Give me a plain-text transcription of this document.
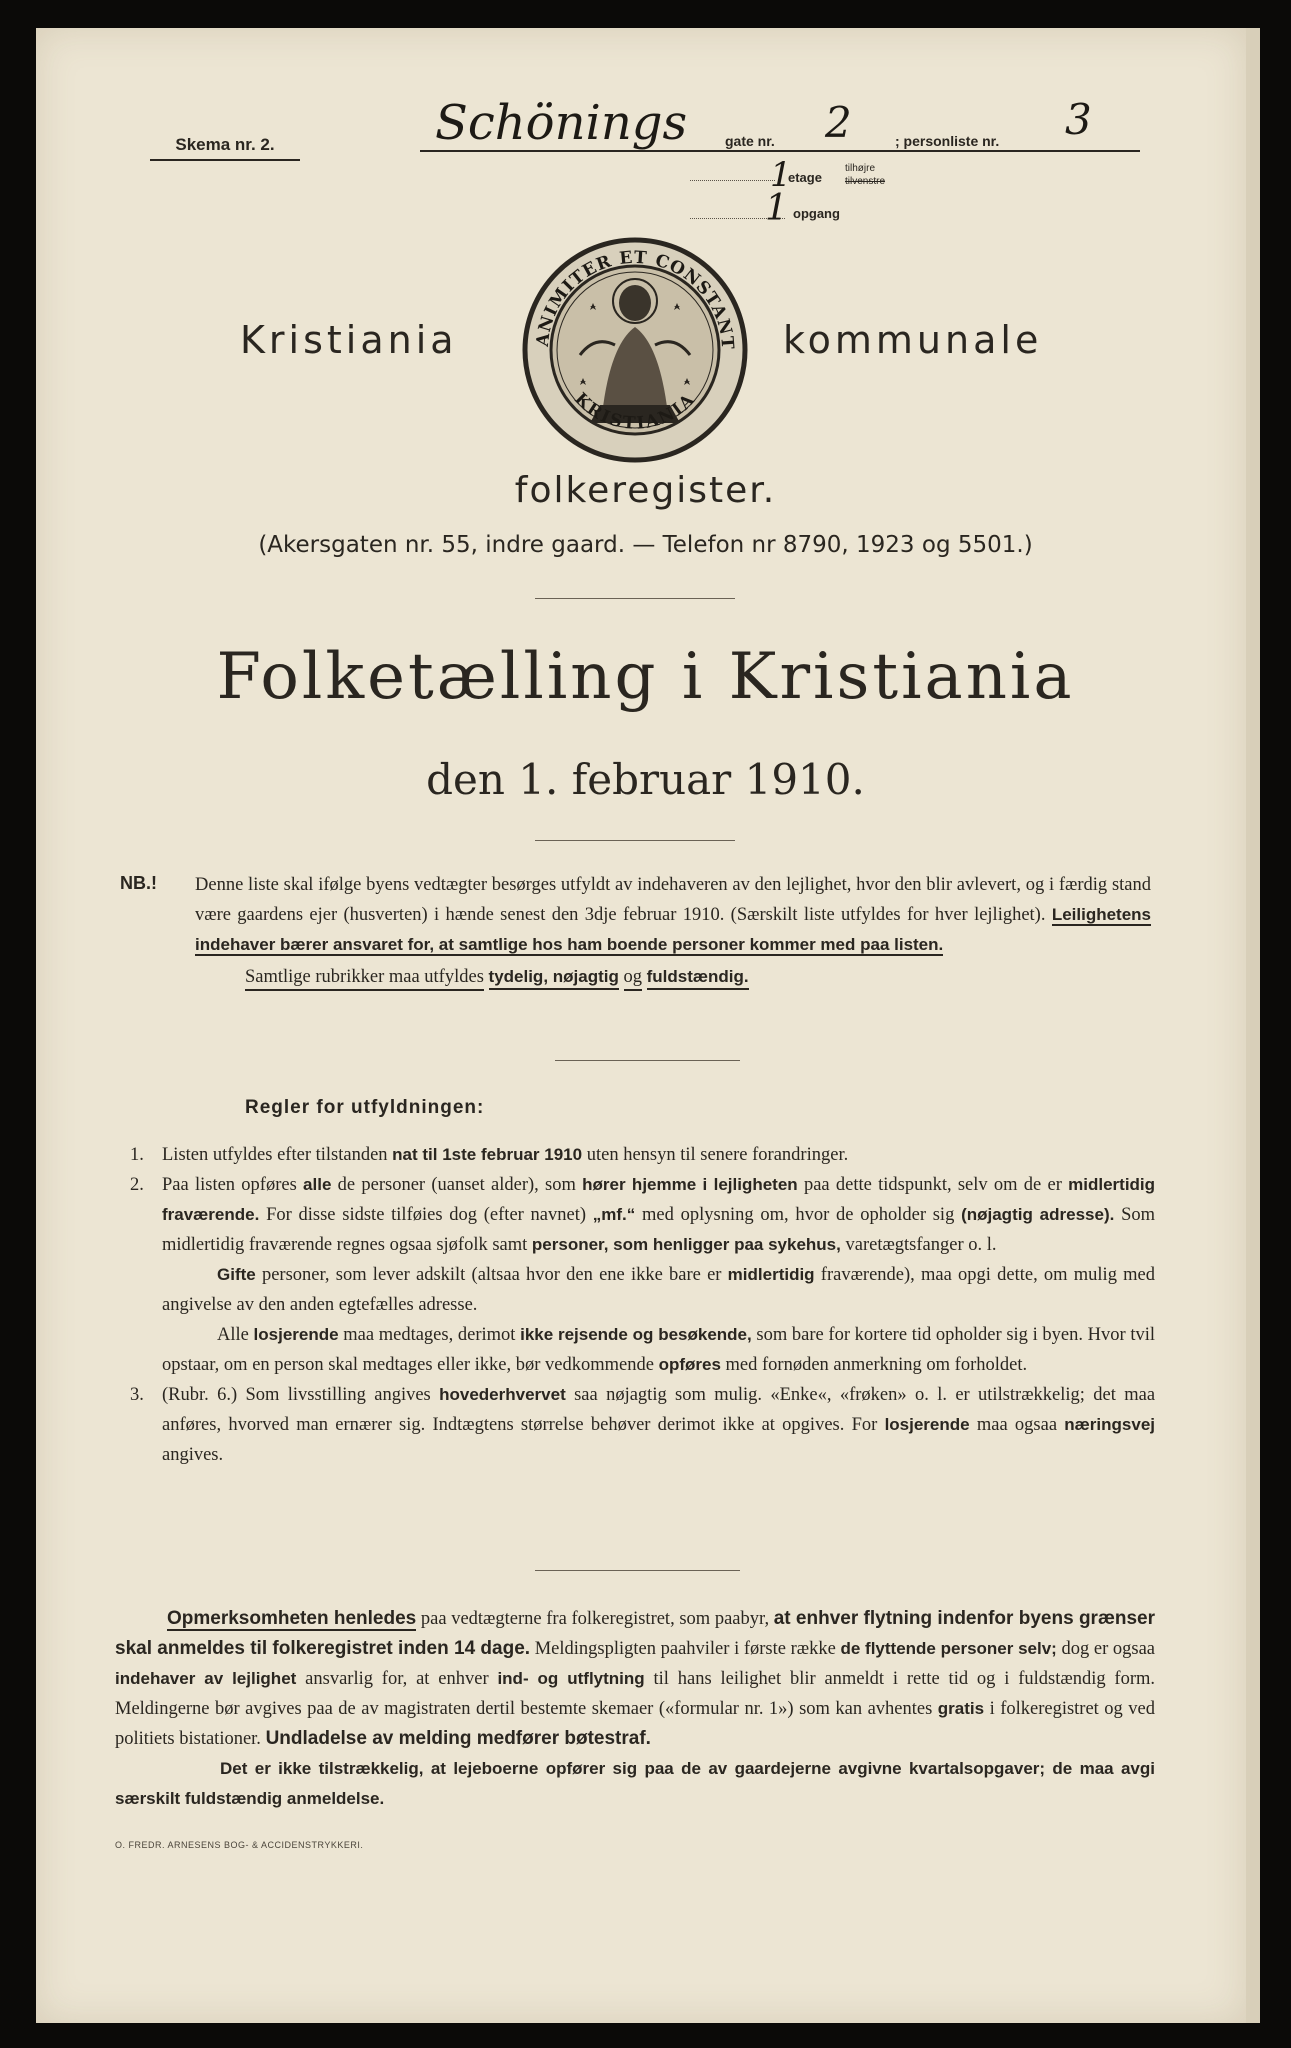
Skema nr. 2.	Schönings	gate nr. 2	; personliste nr. 3
1
etage
tilhøjre
tilvenstre
1 opgang
Kristiania	ANIMITER ET CONSTANT
KRISTIANIA
kommunale
folkeregister.
(Akersgaten nr. 55, indre gaard. — Telefon nr 8790, 1923 og 5501.)
Folketælling i Kristiania
den 1. februar 1910.
NB.! Denne liste skal ifølge byens vedtægter besørges utfyldt av indehaveren av den lejlighet, hvor den blir avlevert, og i færdig stand være gaardens ejer (husverten) i hænde senest den 3dje februar 1910. (Særskilt liste utfyldes for hver lejlighet). Leilighetens indehaver bærer ansvaret for, at samtlige hos ham boende personer kommer med paa listen.
Samtlige rubrikker maa utfyldes tydelig, nøjagtig og fuldstændig.
Regler for utfyldningen:
1. Listen utfyldes efter tilstanden nat til 1ste februar 1910 uten hensyn til senere forandringer.
2. Paa listen opføres alle de personer (uanset alder), som hører hjemme i lejligheten paa dette tidspunkt, selv om de er midlertidig fraværende. For disse sidste tilføies dog (efter navnet) „mf.“ med oplysning om, hvor de opholder sig (nøjagtig adresse). Som midlertidig fraværende regnes ogsaa sjøfolk samt personer, som henligger paa sykehus, varetægtsfanger o. l.
Gifte personer, som lever adskilt (altsaa hvor den ene ikke bare er midlertidig fraværende), maa opgi dette, om mulig med angivelse av den anden egtefælles adresse.
Alle losjerende maa medtages, derimot ikke rejsende og besøkende, som bare for kortere tid opholder sig i byen. Hvor tvil opstaar, om en person skal medtages eller ikke, bør vedkommende opføres med fornøden anmerkning om forholdet.
3. (Rubr. 6.) Som livsstilling angives hovederhvervet saa nøjagtig som mulig. «Enke«, «frøken» o. l. er utilstrækkelig; det maa anføres, hvorved man ernærer sig. Indtægtens størrelse behøver derimot ikke at opgives. For losjerende maa ogsaa næringsvej angives.
Opmerksomheten henledes paa vedtægterne fra folkeregistret, som paabyr, at enhver flytning indenfor byens grænser skal anmeldes til folkeregistret inden 14 dage. Meldingspligten paahviler i første række de flyttende personer selv; dog er ogsaa indehaver av lejlighet ansvarlig for, at enhver ind- og utflytning til hans leilighet blir anmeldt i rette tid og i fuldstændig form. Meldingerne bør avgives paa de av magistraten dertil bestemte skemaer («formular nr. 1») som kan avhentes gratis i folkeregistret og ved politiets bistationer. Undladelse av melding medfører bøtestraf.
Det er ikke tilstrækkelig, at lejeboerne opfører sig paa de av gaardejerne avgivne kvartalsopgaver; de maa avgi særskilt fuldstændig anmeldelse.
O. FREDR. ARNESENS BOG- & ACCIDENSTRYKKERI.
